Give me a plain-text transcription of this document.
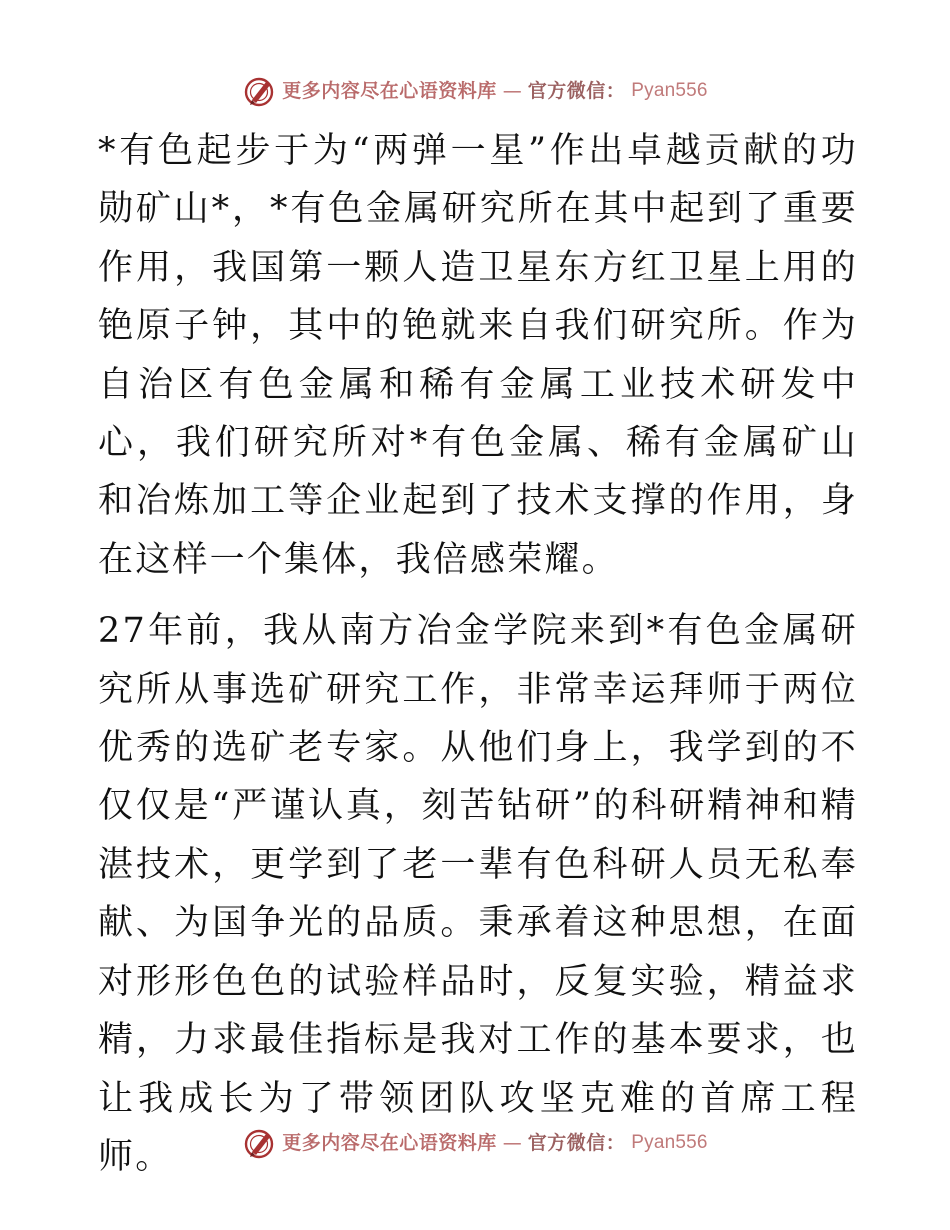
更多内容尽在心语资料库 — 官方微信： Pyan556

*有色起步于为“两弹一星”作出卓越贡献的功勋矿山*，*有色金属研究所在其中起到了重要作用，我国第一颗人造卫星东方红卫星上用的铯原子钟，其中的铯就来自我们研究所。作为自治区有色金属和稀有金属工业技术研发中心，我们研究所对*有色金属、稀有金属矿山和冶炼加工等企业起到了技术支撑的作用，身在这样一个集体，我倍感荣耀。

27年前，我从南方冶金学院来到*有色金属研究所从事选矿研究工作，非常幸运拜师于两位优秀的选矿老专家。从他们身上，我学到的不仅仅是“严谨认真，刻苦钻研”的科研精神和精湛技术，更学到了老一辈有色科研人员无私奉献、为国争光的品质。秉承着这种思想，在面对形形色色的试验样品时，反复实验，精益求精，力求最佳指标是我对工作的基本要求，也让我成长为了带领团队攻坚克难的首席工程师。	更多内容尽在心语资料库 — 官方微信： Pyan556
